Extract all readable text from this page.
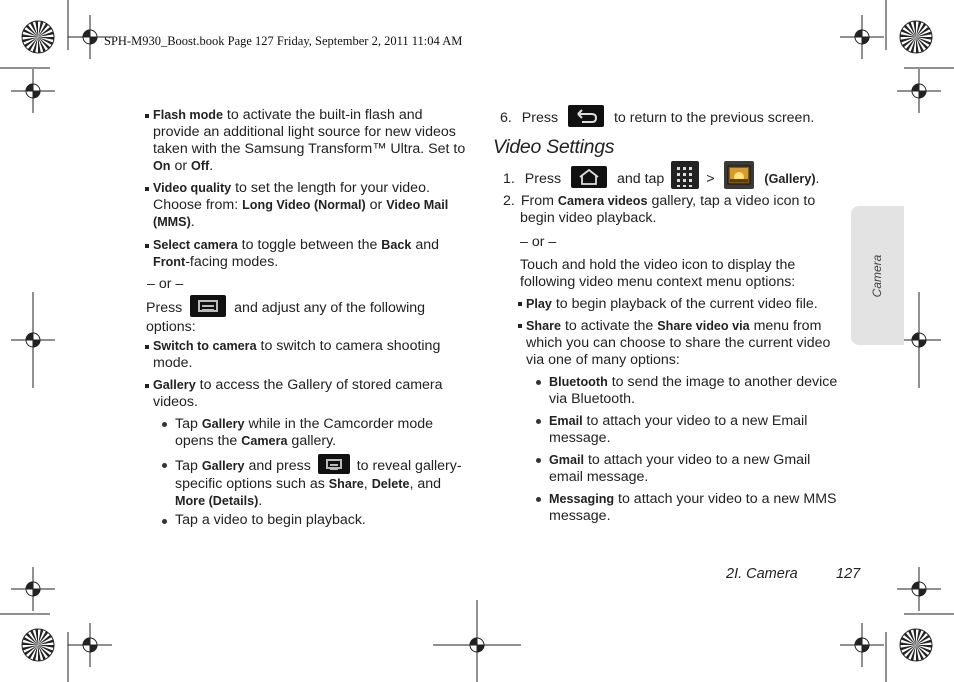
SPH-M930_Boost.book Page 127 Friday, September 2, 2011 11:04 AM
Flash mode to activate the built-in flash and
provide an additional light source for new videos
taken with the Samsung Transform™ Ultra. Set to
On or Off.
Video quality to set the length for your video.
Choose from: Long Video (Normal) or Video Mail
(MMS).
Select camera to toggle between the Back and
Front-facing modes.
– or –
Press	and adjust any of the following
options:
Switch to camera to switch to camera shooting
mode.
Gallery to access the Gallery of stored camera
videos.
Tap Gallery while in the Camcorder mode
opens the Camera gallery.
Tap Gallery and press	to reveal gallery-
specific options such as Share, Delete, and
More (Details).
Tap a video to begin playback.
6. Press	to return to the previous screen.
Video Settings
1. Press	and tap	>	(Gallery).
2. From Camera videos gallery, tap a video icon to
begin video playback.
– or –
Touch and hold the video icon to display the
following video menu context menu options:
Play to begin playback of the current video file.
Share to activate the Share video via menu from
which you can choose to share the current video
via one of many options:
Bluetooth to send the image to another device
via Bluetooth.
Email to attach your video to a new Email
message.
Gmail to attach your video to a new Gmail
email message.
Messaging to attach your video to a new MMS
message.
Camera
2I. Camera	127
